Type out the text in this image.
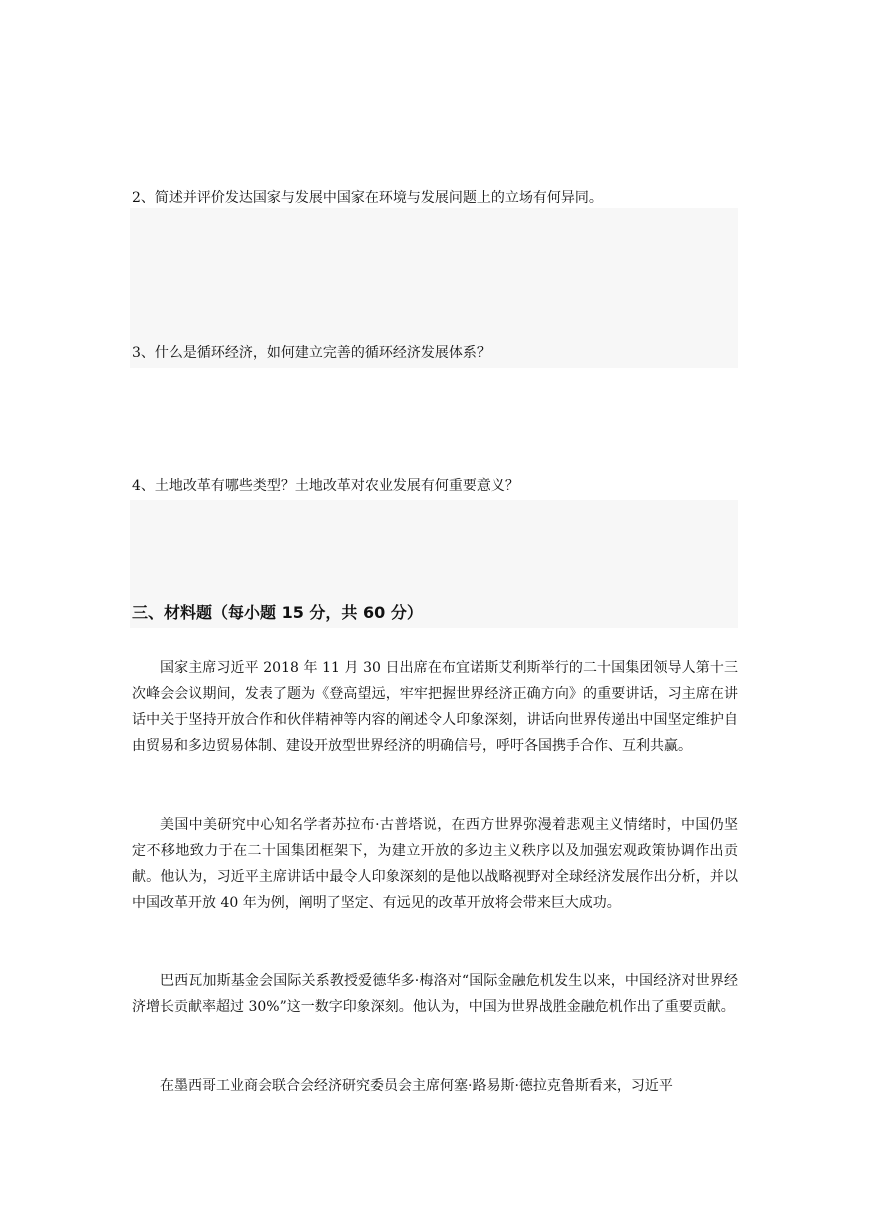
2、简述并评价发达国家与发展中国家在环境与发展问题上的立场有何异同。
3、什么是循环经济，如何建立完善的循环经济发展体系？
4、土地改革有哪些类型？土地改革对农业发展有何重要意义？
三、材料题（每小题 15 分，共 60 分）

国家主席习近平 2018 年 11 月 30 日出席在布宜诺斯艾利斯举行的二十国集团领导人第十三次峰会会议期间，发表了题为《登高望远，牢牢把握世界经济正确方向》的重要讲话，习主席在讲话中关于坚持开放合作和伙伴精神等内容的阐述令人印象深刻，讲话向世界传递出中国坚定维护自由贸易和多边贸易体制、建设开放型世界经济的明确信号，呼吁各国携手合作、互利共赢。

美国中美研究中心知名学者苏拉布·古普塔说，在西方世界弥漫着悲观主义情绪时，中国仍坚定不移地致力于在二十国集团框架下，为建立开放的多边主义秩序以及加强宏观政策协调作出贡献。他认为，习近平主席讲话中最令人印象深刻的是他以战略视野对全球经济发展作出分析，并以中国改革开放 40 年为例，阐明了坚定、有远见的改革开放将会带来巨大成功。

巴西瓦加斯基金会国际关系教授爱德华多·梅洛对“国际金融危机发生以来，中国经济对世界经济增长贡献率超过 30%”这一数字印象深刻。他认为，中国为世界战胜金融危机作出了重要贡献。

在墨西哥工业商会联合会经济研究委员会主席何塞·路易斯·德拉克鲁斯看来，习近平
